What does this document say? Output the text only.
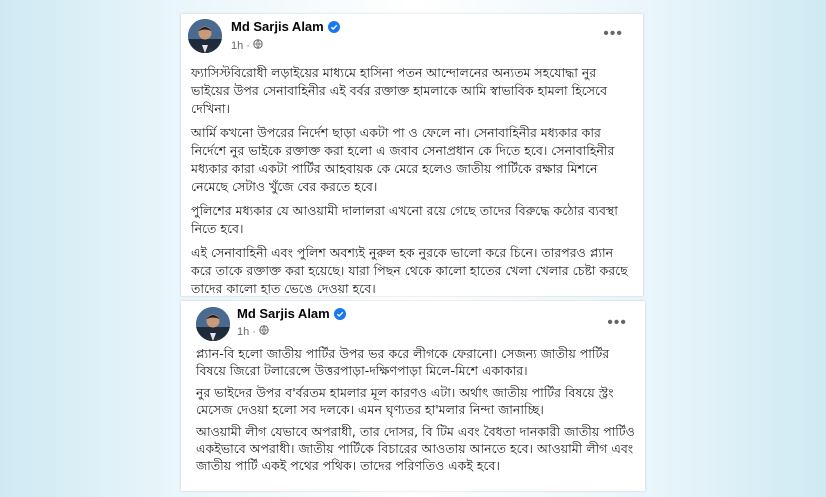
Md Sarjis Alam
1h ·
•••

ফ্যাসিস্টবিরোধী লড়াইয়ের মাধ্যমে হাসিনা পতন আন্দোলনের অন্যতম সহযোদ্ধা নুর ভাইয়ের উপর সেনাবাহিনীর এই বর্বর রক্তাক্ত হামলাকে আমি স্বাভাবিক হামলা হিসেবে দেখিনা।

আর্মি কখনো উপরের নির্দেশ ছাড়া একটা পা ও ফেলে না। সেনাবাহিনীর মধ্যকার কার নির্দেশে নুর ভাইকে রক্তাক্ত করা হলো এ জবাব সেনাপ্রধান কে দিতে হবে। সেনাবাহিনীর মধ্যকার কারা একটা পার্টির আহবায়ক কে মেরে হলেও জাতীয় পার্টিকে রক্ষার মিশনে নেমেছে সেটাও খুঁজে বের করতে হবে।

পুলিশের মধ্যকার যে আওয়ামী দালালরা এখনো রয়ে গেছে তাদের বিরুদ্ধে কঠোর ব্যবস্থা নিতে হবে।

এই সেনাবাহিনী এবং পুলিশ অবশ্যই নুরুল হক নুরকে ভালো করে চিনে। তারপরও প্ল্যান করে তাকে রক্তাক্ত করা হয়েছে। যারা পিছন থেকে কালো হাতের খেলা খেলার চেষ্টা করছে তাদের কালো হাত ভেঙে দেওয়া হবে।

Md Sarjis Alam
1h ·
•••

প্ল্যান-বি হলো জাতীয় পার্টির উপর ভর করে লীগকে ফেরানো। সেজন্য জাতীয় পার্টির বিষয়ে জিরো টলারেন্সে উত্তরপাড়া-দক্ষিণপাড়া মিলে-মিশে একাকার।

নুর ভাইদের উপর ব'র্বরতম হামলার মূল কারণও এটা। অর্থাৎ জাতীয় পার্টির বিষয়ে স্ট্রং মেসেজ দেওয়া হলো সব দলকে। এমন ঘৃণ্যতর হা'মলার নিন্দা জানাচ্ছি।

আওয়ামী লীগ যেভাবে অপরাধী, তার দোসর, বি টিম এবং বৈধতা দানকারী জাতীয় পার্টিও একইভাবে অপরাধী। জাতীয় পার্টিকে বিচারের আওতায় আনতে হবে। আওয়ামী লীগ এবং জাতীয় পার্টি একই পথের পথিক। তাদের পরিণতিও একই হবে।
